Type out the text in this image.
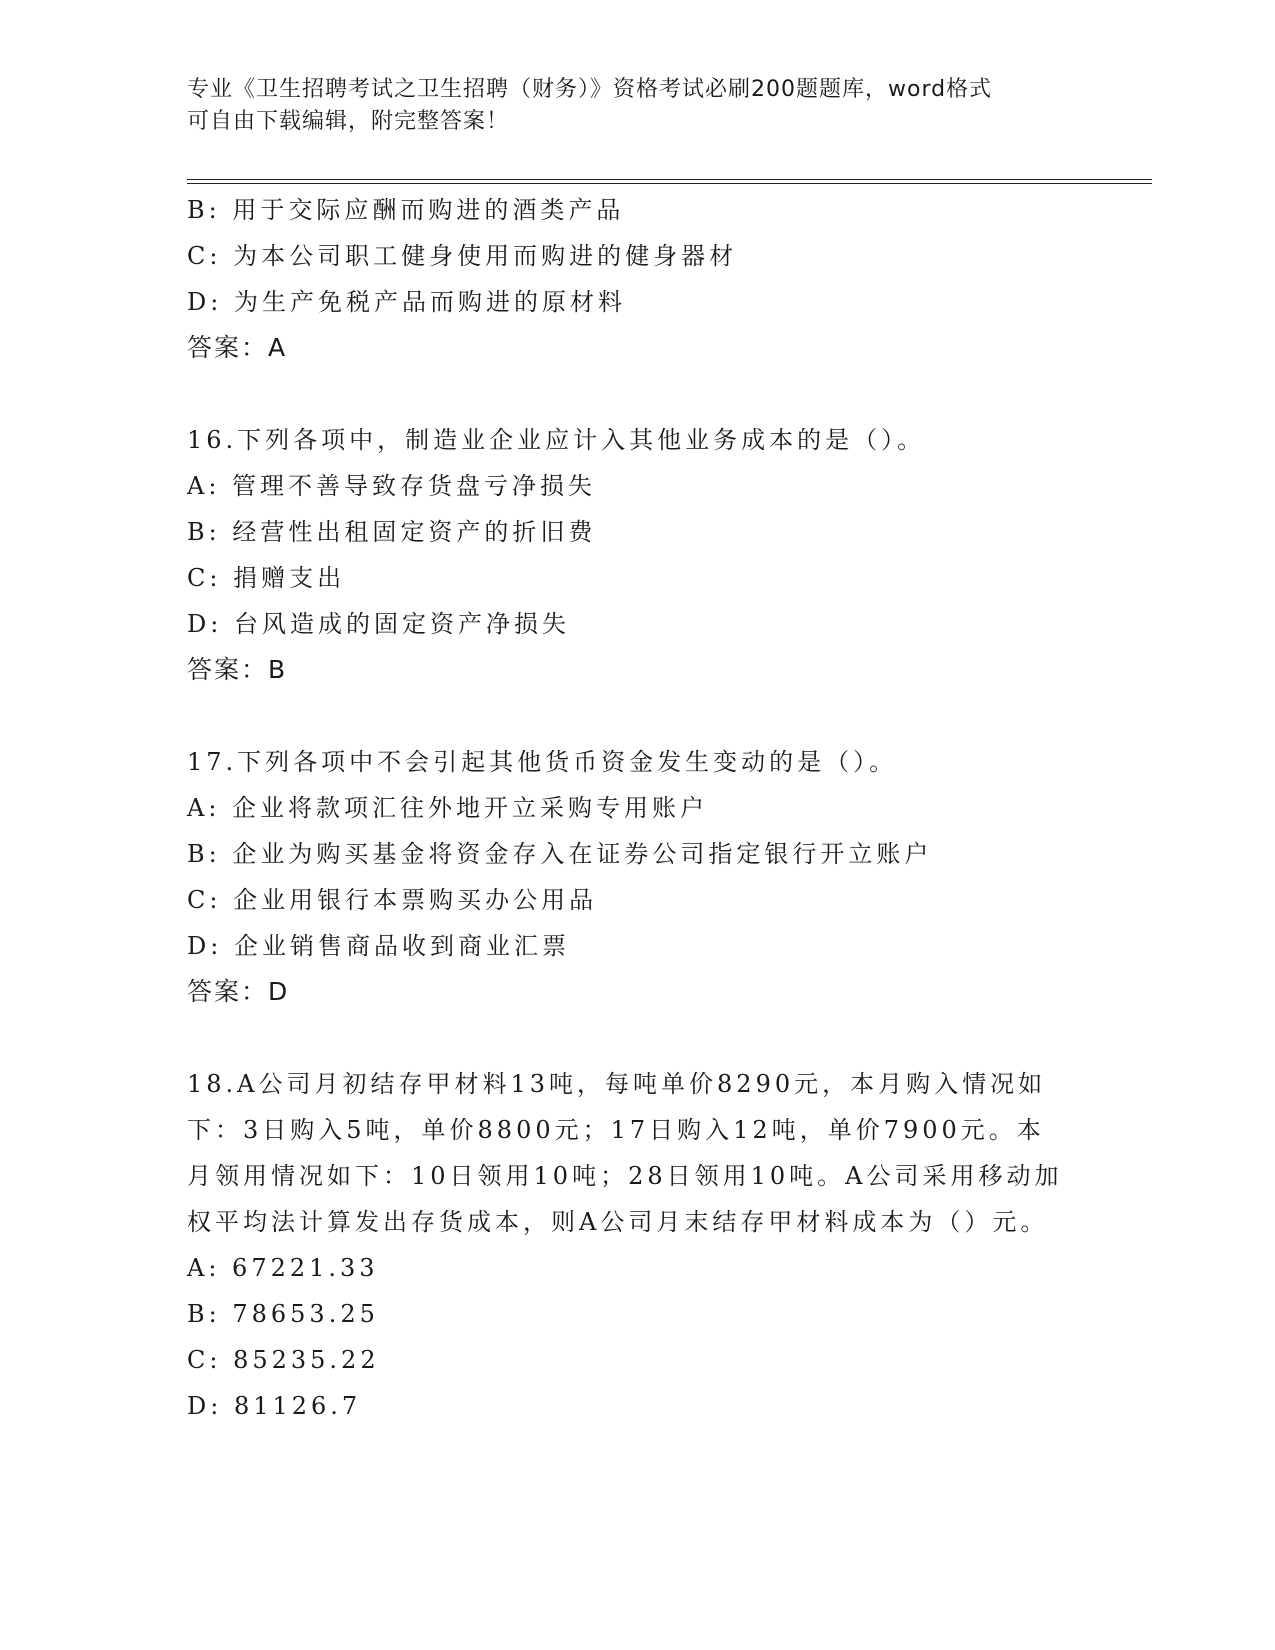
专业《卫生招聘考试之卫生招聘（财务）》资格考试必刷200题题库，word格式
可自由下载编辑，附完整答案！
B: 用于交际应酬而购进的酒类产品
C: 为本公司职工健身使用而购进的健身器材
D: 为生产免税产品而购进的原材料
答案：A
16.下列各项中，制造业企业应计入其他业务成本的是（）。
A: 管理不善导致存货盘亏净损失
B: 经营性出租固定资产的折旧费
C: 捐赠支出
D: 台风造成的固定资产净损失
答案：B
17.下列各项中不会引起其他货币资金发生变动的是（）。
A: 企业将款项汇往外地开立采购专用账户
B: 企业为购买基金将资金存入在证券公司指定银行开立账户
C: 企业用银行本票购买办公用品
D: 企业销售商品收到商业汇票
答案：D
18.A公司月初结存甲材料13吨，每吨单价8290元，本月购入情况如下：3日购入5吨，单价8800元；17日购入12吨，单价7900元。本月领用情况如下：10日领用10吨；28日领用10吨。A公司采用移动加权平均法计算发出存货成本，则A公司月末结存甲材料成本为（）元。
A: 67221.33
B: 78653.25
C: 85235.22
D: 81126.7
